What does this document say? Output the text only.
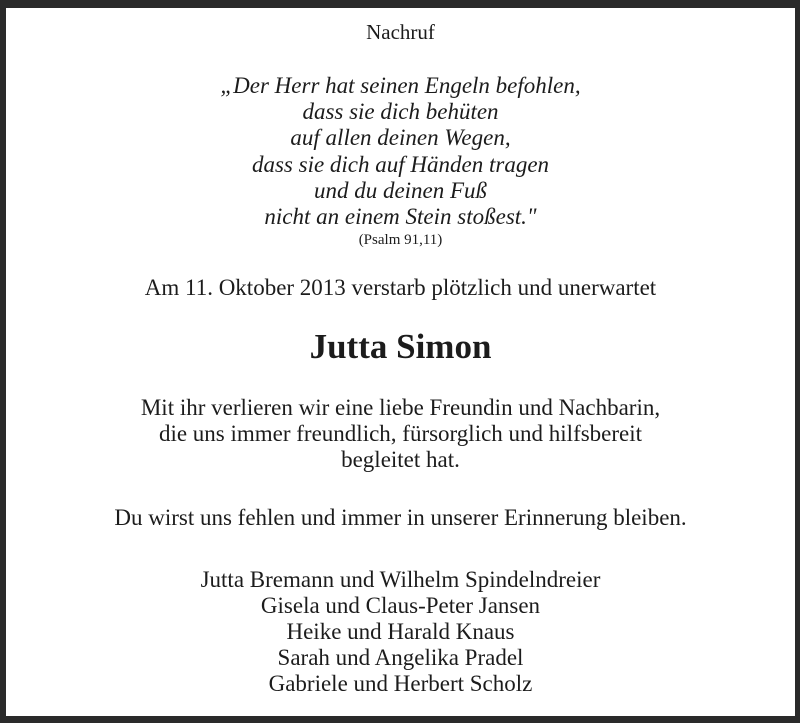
Nachruf
„Der Herr hat seinen Engeln befohlen,
dass sie dich behüten
auf allen deinen Wegen,
dass sie dich auf Händen tragen
und du deinen Fuß
nicht an einem Stein stoßest."
(Psalm 91,11)
Am 11. Oktober 2013 verstarb plötzlich und unerwartet
Jutta Simon
Mit ihr verlieren wir eine liebe Freundin und Nachbarin,
die uns immer freundlich, fürsorglich und hilfsbereit
begleitet hat.
Du wirst uns fehlen und immer in unserer Erinnerung bleiben.
Jutta Bremann und Wilhelm Spindelndreier
Gisela und Claus-Peter Jansen
Heike und Harald Knaus
Sarah und Angelika Pradel
Gabriele und Herbert Scholz
